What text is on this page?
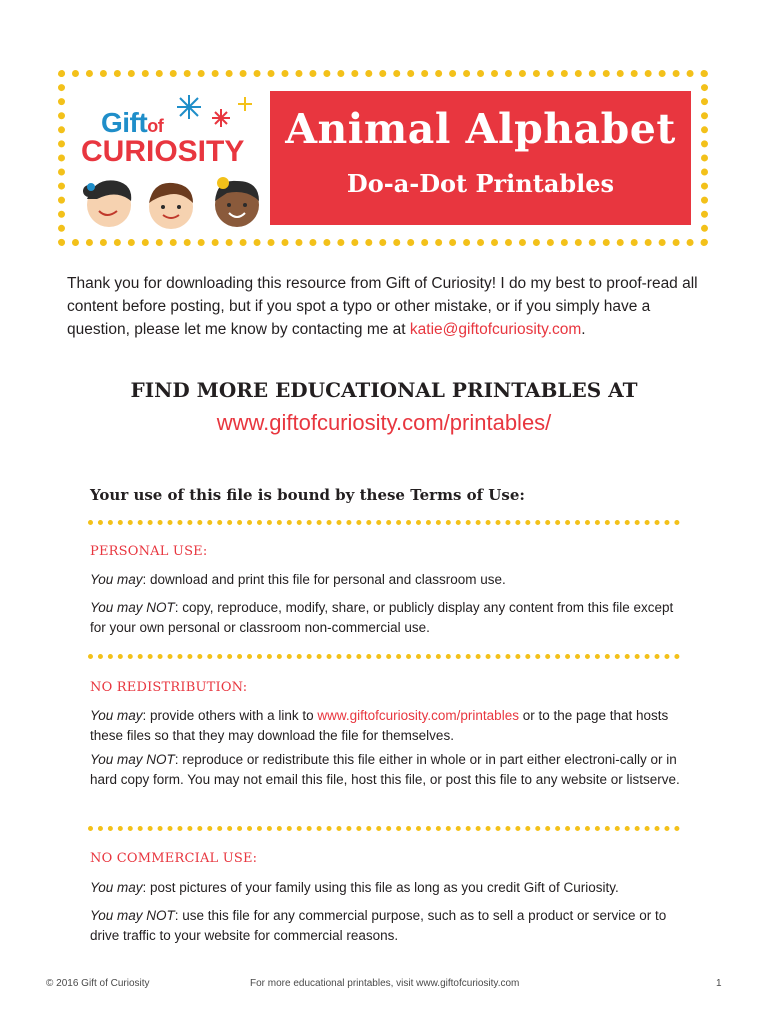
Giftof
CURIOSITY Animal Alphabet
Do-a-Dot Printables

Thank you for downloading this resource from Gift of Curiosity! I do my best to proof-read all content before posting, but if you spot a typo or other mistake, or if you simply have a question, please let me know by contacting me at katie@giftofcuriosity.com.

FIND MORE EDUCATIONAL PRINTABLES AT
www.giftofcuriosity.com/printables/
Your use of this file is bound by these Terms of Use:
PERSONAL USE:

You may: download and print this file for personal and classroom use.

You may NOT: copy, reproduce, modify, share, or publicly display any content from this file except for your own personal or classroom non-commercial use.

NO REDISTRIBUTION:

You may: provide others with a link to www.giftofcuriosity.com/printables or to the page that hosts these files so that they may download the file for themselves.

You may NOT: reproduce or redistribute this file either in whole or in part either electroni-cally or in hard copy form. You may not email this file, host this file, or post this file to any website or listserve.

NO COMMERCIAL USE:

You may: post pictures of your family using this file as long as you credit Gift of Curiosity.

You may NOT: use this file for any commercial purpose, such as to sell a product or service or to drive traffic to your website for commercial reasons.

© 2016 Gift of Curiosity	For more educational printables, visit www.giftofcuriosity.com	1
